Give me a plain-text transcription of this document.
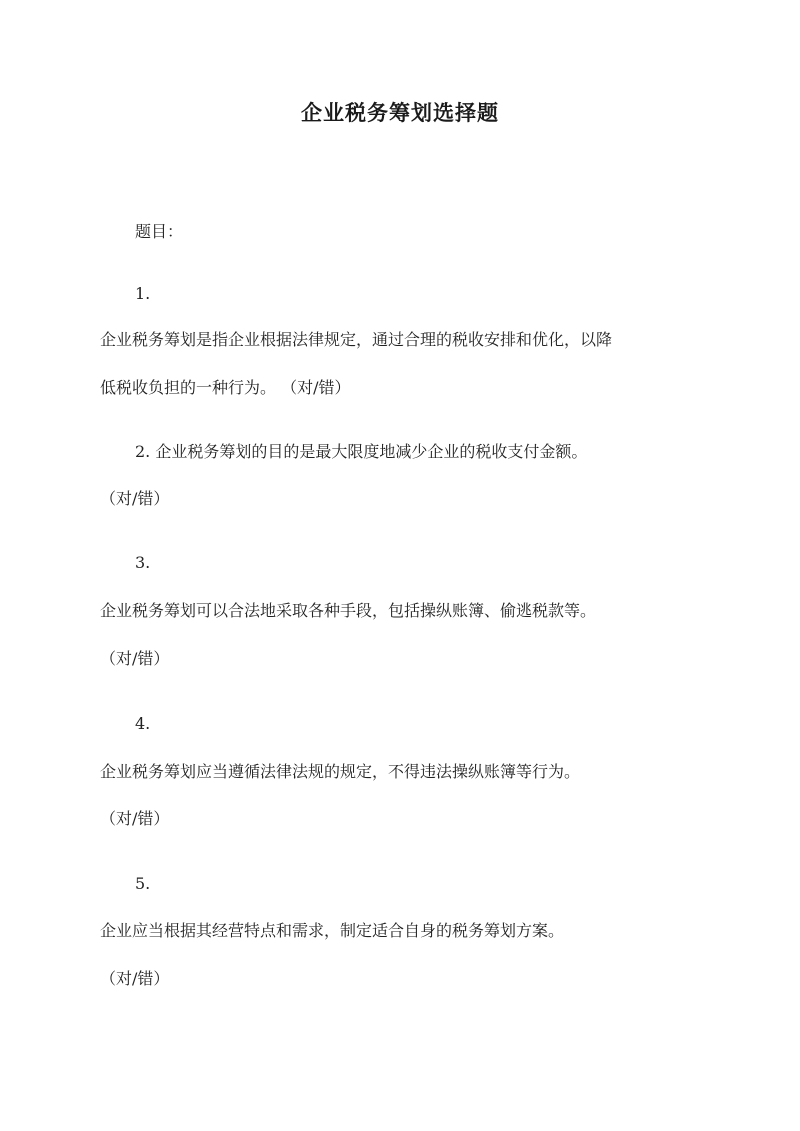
企业税务筹划选择题
题目：
1.
企业税务筹划是指企业根据法律规定，通过合理的税收安排和优化，以降
低税收负担的一种行为。 （对/错）
2. 企业税务筹划的目的是最大限度地减少企业的税收支付金额。
（对/错）
3.
企业税务筹划可以合法地采取各种手段，包括操纵账簿、偷逃税款等。
（对/错）
4.
企业税务筹划应当遵循法律法规的规定，不得违法操纵账簿等行为。
（对/错）
5.
企业应当根据其经营特点和需求，制定适合自身的税务筹划方案。
（对/错）
